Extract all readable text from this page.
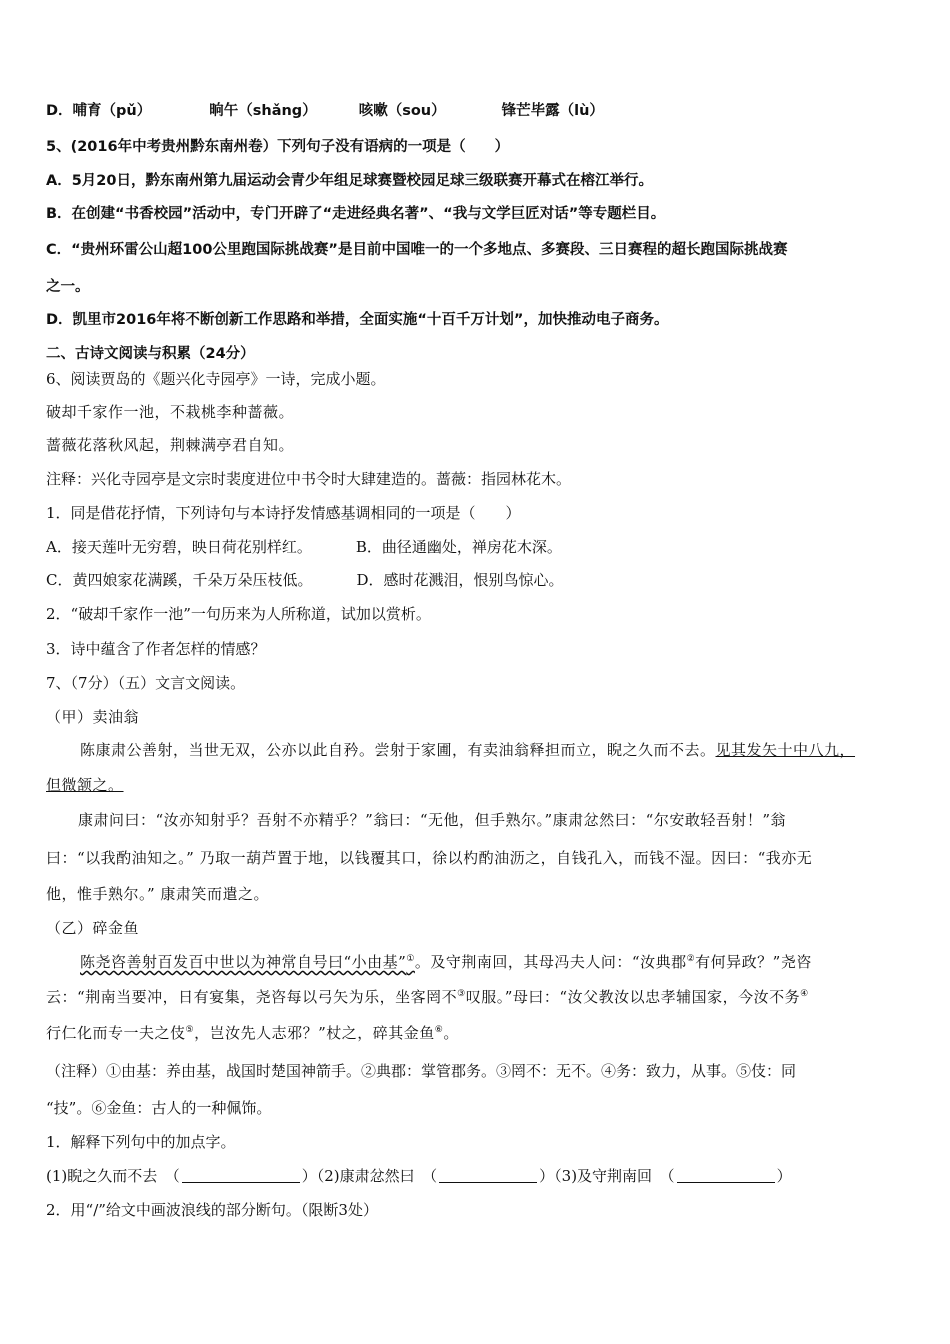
D．哺育（pǔ）	晌午（shǎng）	咳嗽（sou）	锋芒毕露（lù）
5、(2016年中考贵州黔东南州卷）下列句子没有语病的一项是（　　）
A．5月20日，黔东南州第九届运动会青少年组足球赛暨校园足球三级联赛开幕式在榕江举行。
B．在创建“书香校园”活动中，专门开辟了“走进经典名著”、“我与文学巨匠对话”等专题栏目。
C．“贵州环雷公山超100公里跑国际挑战赛”是目前中国唯一的一个多地点、多赛段、三日赛程的超长跑国际挑战赛
之一。
D．凯里市2016年将不断创新工作思路和举措，全面实施“十百千万计划”，加快推动电子商务。
二、古诗文阅读与积累（24分）
6、阅读贾岛的《题兴化寺园亭》一诗，完成小题。
破却千家作一池，不栽桃李种蔷薇。
蔷薇花落秋风起，荆棘满亭君自知。
注释：兴化寺园亭是文宗时裴度进位中书令时大肆建造的。蔷薇：指园林花木。
1．同是借花抒情，下列诗句与本诗抒发情感基调相同的一项是（　　）
A．接天莲叶无穷碧，映日荷花别样红。	B．曲径通幽处，禅房花木深。
C．黄四娘家花满蹊，千朵万朵压枝低。	D．感时花溅泪，恨别鸟惊心。
2．“破却千家作一池”一句历来为人所称道，试加以赏析。
3．诗中蕴含了作者怎样的情感？
7、（7分）（五）文言文阅读。
（甲）卖油翁
陈康肃公善射，当世无双，公亦以此自矜。尝射于家圃，有卖油翁释担而立，睨之久而不去。见其发矢十中八九，
但微颔之。
康肃问曰：“汝亦知射乎？吾射不亦精乎？”翁曰：“无他，但手熟尔。”康肃忿然曰：“尔安敢轻吾射！”翁
曰：“以我酌油知之。” 乃取一葫芦置于地，以钱覆其口，徐以杓酌油沥之，自钱孔入，而钱不湿。因曰：“我亦无
他，惟手熟尔。” 康肃笑而遣之。
（乙）碎金鱼
陈尧咨善射百发百中世以为神常自号曰“小由基”①。及守荆南回，其母冯夫人问：“汝典郡②有何异政？”尧咨
云：“荆南当要冲，日有宴集，尧咨每以弓矢为乐，坐客罔不③叹服。”母曰：“汝父教汝以忠孝辅国家，今汝不务④
行仁化而专一夫之伎⑤，岂汝先人志邪？”杖之，碎其金鱼⑥。
（注释）①由基：养由基，战国时楚国神箭手。②典郡：掌管郡务。③罔不：无不。④务：致力，从事。⑤伎：同
“技”。⑥金鱼：古人的一种佩饰。
1．解释下列句中的加点字。
(1)睨之久而不去　（	）（2)康肃忿然曰　（	）（3)及守荆南回　（	）
2．用“/”给文中画波浪线的部分断句。（限断3处）
